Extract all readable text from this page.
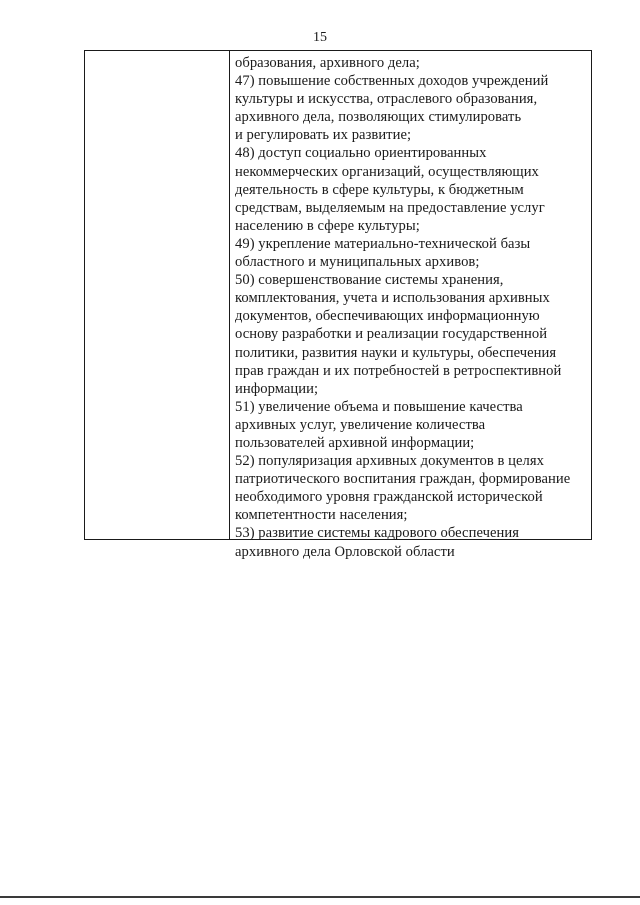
15
образования, архивного дела;
47) повышение собственных доходов учреждений
культуры и искусства, отраслевого образования,
архивного дела, позволяющих стимулировать
и регулировать их развитие;
48) доступ социально ориентированных
некоммерческих организаций, осуществляющих
деятельность в сфере культуры, к бюджетным
средствам, выделяемым на предоставление услуг
населению в сфере культуры;
49) укрепление материально-технической базы
областного и муниципальных архивов;
50) совершенствование системы хранения,
комплектования, учета и использования архивных
документов, обеспечивающих информационную
основу разработки и реализации государственной
политики, развития науки и культуры, обеспечения
прав граждан и их потребностей в ретроспективной
информации;
51) увеличение объема и повышение качества
архивных услуг, увеличение количества
пользователей архивной информации;
52) популяризация архивных документов в целях
патриотического воспитания граждан, формирование
необходимого уровня гражданской исторической
компетентности населения;
53) развитие системы кадрового обеспечения
архивного дела Орловской области
